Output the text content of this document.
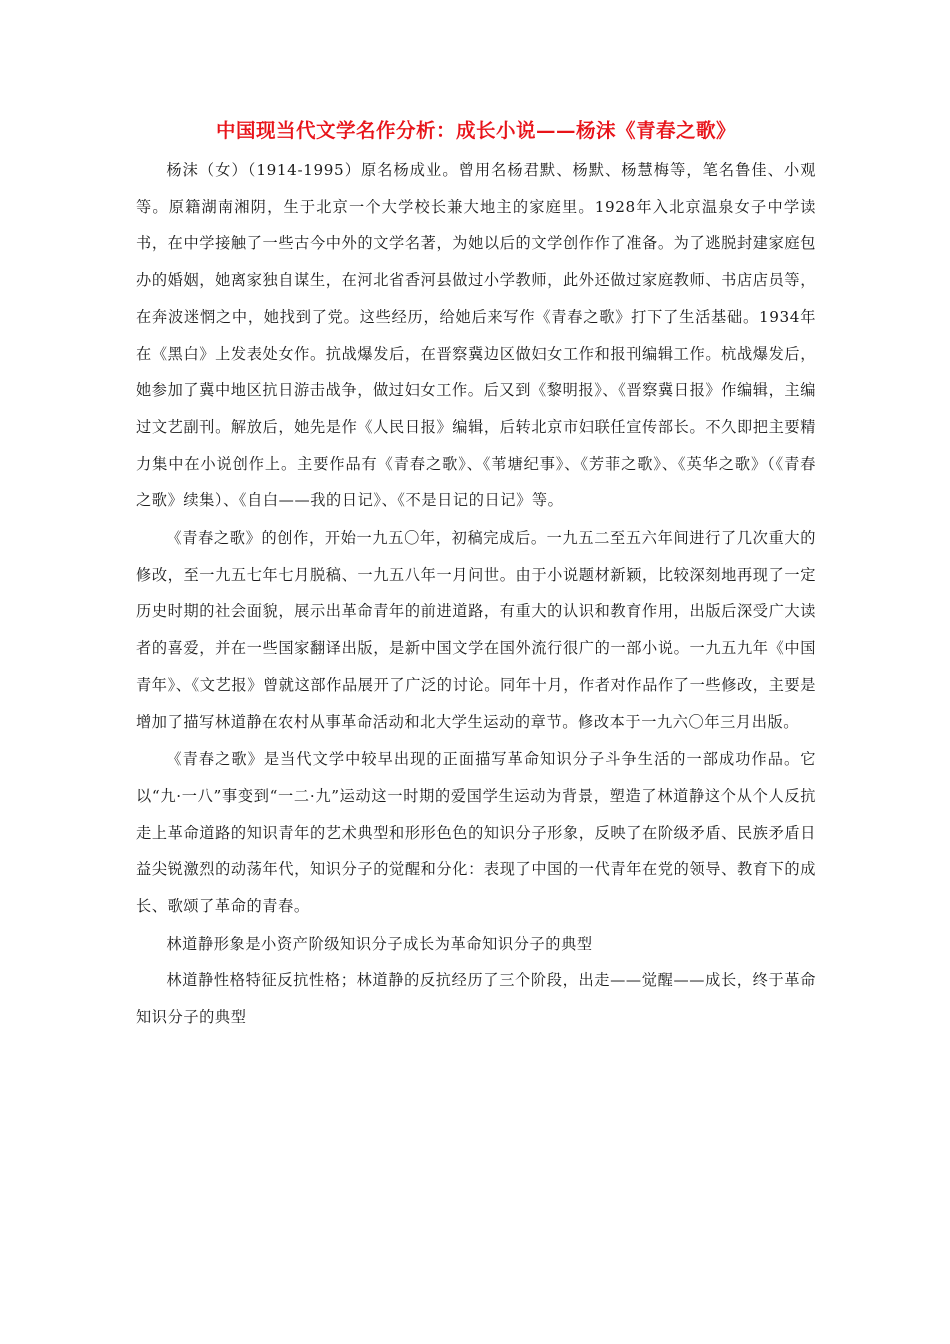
中国现当代文学名作分析：成长小说——杨沫《青春之歌》

杨沫（女）（1914-1995）原名杨成业。曾用名杨君默、杨默、杨慧梅等，笔名鲁佳、小观等。原籍湖南湘阴，生于北京一个大学校长兼大地主的家庭里。1928年入北京温泉女子中学读书，在中学接触了一些古今中外的文学名著，为她以后的文学创作作了准备。为了逃脱封建家庭包办的婚姻，她离家独自谋生，在河北省香河县做过小学教师，此外还做过家庭教师、书店店员等，在奔波迷惘之中，她找到了党。这些经历，给她后来写作《青春之歌》打下了生活基础。1934年在《黑白》上发表处女作。抗战爆发后，在晋察冀边区做妇女工作和报刊编辑工作。杭战爆发后，她参加了冀中地区抗日游击战争，做过妇女工作。后又到《黎明报》、《晋察冀日报》作编辑，主编过文艺副刊。解放后，她先是作《人民日报》编辑，后转北京市妇联任宣传部长。不久即把主要精力集中在小说创作上。主要作品有《青春之歌》、《苇塘纪事》、《芳菲之歌》、《英华之歌》（《青春之歌》续集）、《自白——我的日记》、《不是日记的日记》等。

《青春之歌》的创作，开始一九五〇年，初稿完成后。一九五二至五六年间进行了几次重大的修改，至一九五七年七月脱稿、一九五八年一月问世。由于小说题材新颖，比较深刻地再现了一定历史时期的社会面貌，展示出革命青年的前进道路，有重大的认识和教育作用，出版后深受广大读者的喜爱，并在一些国家翻译出版，是新中国文学在国外流行很广的一部小说。一九五九年《中国青年》、《文艺报》曾就这部作品展开了广泛的讨论。同年十月，作者对作品作了一些修改，主要是增加了描写林道静在农村从事革命活动和北大学生运动的章节。修改本于一九六〇年三月出版。

《青春之歌》是当代文学中较早出现的正面描写革命知识分子斗争生活的一部成功作品。它以“九·一八”事变到“一二·九”运动这一时期的爱国学生运动为背景，塑造了林道静这个从个人反抗走上革命道路的知识青年的艺术典型和形形色色的知识分子形象，反映了在阶级矛盾、民族矛盾日益尖锐激烈的动荡年代，知识分子的觉醒和分化：表现了中国的一代青年在党的领导、教育下的成长、歌颂了革命的青春。

林道静形象是小资产阶级知识分子成长为革命知识分子的典型

林道静性格特征反抗性格；林道静的反抗经历了三个阶段，出走——觉醒——成长，终于革命知识分子的典型
